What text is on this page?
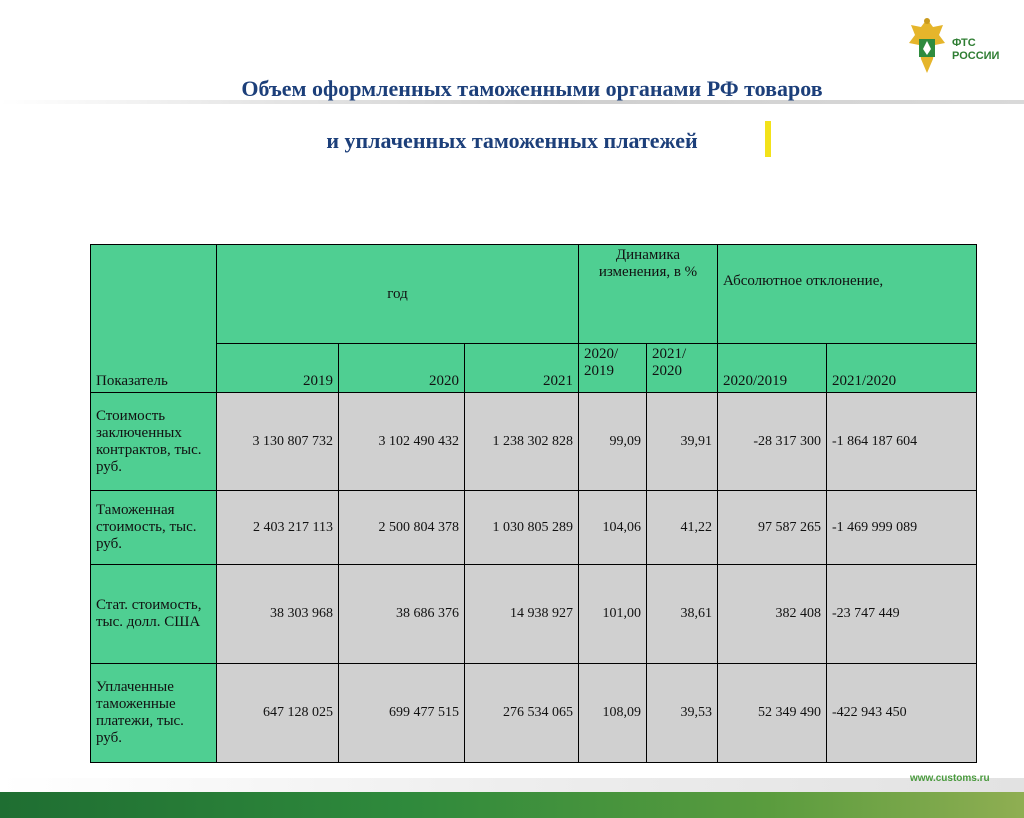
ФТС
РОССИИ
Объем оформленных таможенными органами РФ товаров
и уплаченных таможенных платежей
Показатель	год			Динамика изменения, в %		Абсолютное отклонение,	
	2019	2020	2021	2020/ 2019	2021/ 2020	2020/2019	2021/2020
Стоимость заключенных контрактов, тыс. руб.	3 130 807 732	3 102 490 432	1 238 302 828	99,09	39,91	-28 317 300	-1 864 187 604
Таможенная стоимость, тыс. руб.	2 403 217 113	2 500 804 378	1 030 805 289	104,06	41,22	97 587 265	-1 469 999 089
Стат. стоимость, тыс. долл. США	38 303 968	38 686 376	14 938 927	101,00	38,61	382 408	-23 747 449
Уплаченные таможенные платежи, тыс. руб.	647 128 025	699 477 515	276 534 065	108,09	39,53	52 349 490	-422 943 450
www.customs.ru
